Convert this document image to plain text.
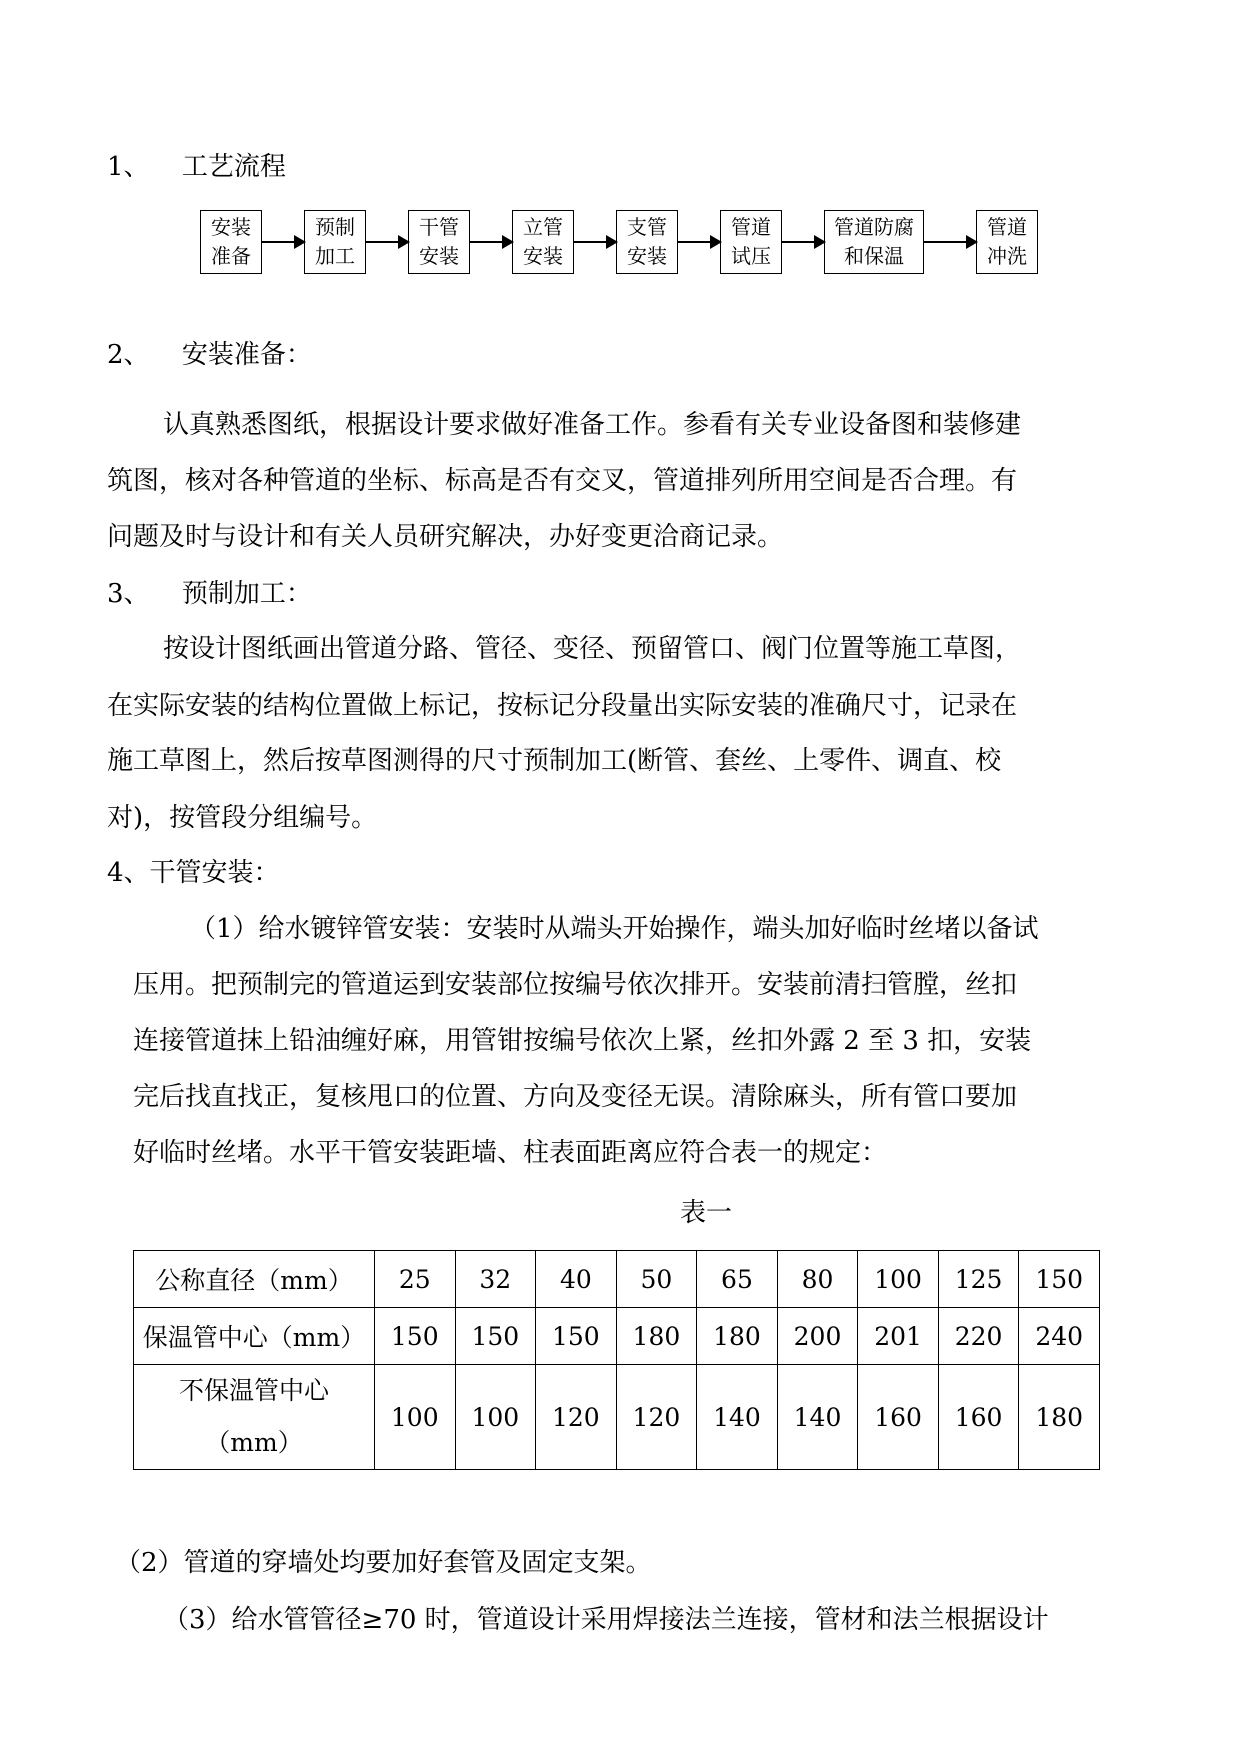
1、 工艺流程
安装
准备
预制
加工
干管
安装
立管
安装
支管
安装
管道
试压
管道防腐
和保温
管道
冲洗
2、 安装准备：
认真熟悉图纸，根据设计要求做好准备工作。参看有关专业设备图和装修建
筑图，核对各种管道的坐标、标高是否有交叉，管道排列所用空间是否合理。有
问题及时与设计和有关人员研究解决，办好变更洽商记录。
3、 预制加工：
按设计图纸画出管道分路、管径、变径、预留管口、阀门位置等施工草图，
在实际安装的结构位置做上标记，按标记分段量出实际安装的准确尺寸，记录在
施工草图上，然后按草图测得的尺寸预制加工(断管、套丝、上零件、调直、校
对)，按管段分组编号。
4、干管安装：
（1）给水镀锌管安装：安装时从端头开始操作，端头加好临时丝堵以备试
压用。把预制完的管道运到安装部位按编号依次排开。安装前清扫管膛，丝扣
连接管道抹上铅油缠好麻，用管钳按编号依次上紧，丝扣外露 2 至 3 扣，安装
完后找直找正，复核甩口的位置、方向及变径无误。清除麻头，所有管口要加
好临时丝堵。水平干管安装距墙、柱表面距离应符合表一的规定：
表一
公称直径（mm）	25	32	40	50	65	80	100	125	150
保温管中心（mm）	150	150	150	180	180	200	201	220	240

不保温管中心
（mm）	100	100	120	120	140	140	160	160	180
（2）管道的穿墙处均要加好套管及固定支架。
（3）给水管管径≥70 时，管道设计采用焊接法兰连接，管材和法兰根据设计
